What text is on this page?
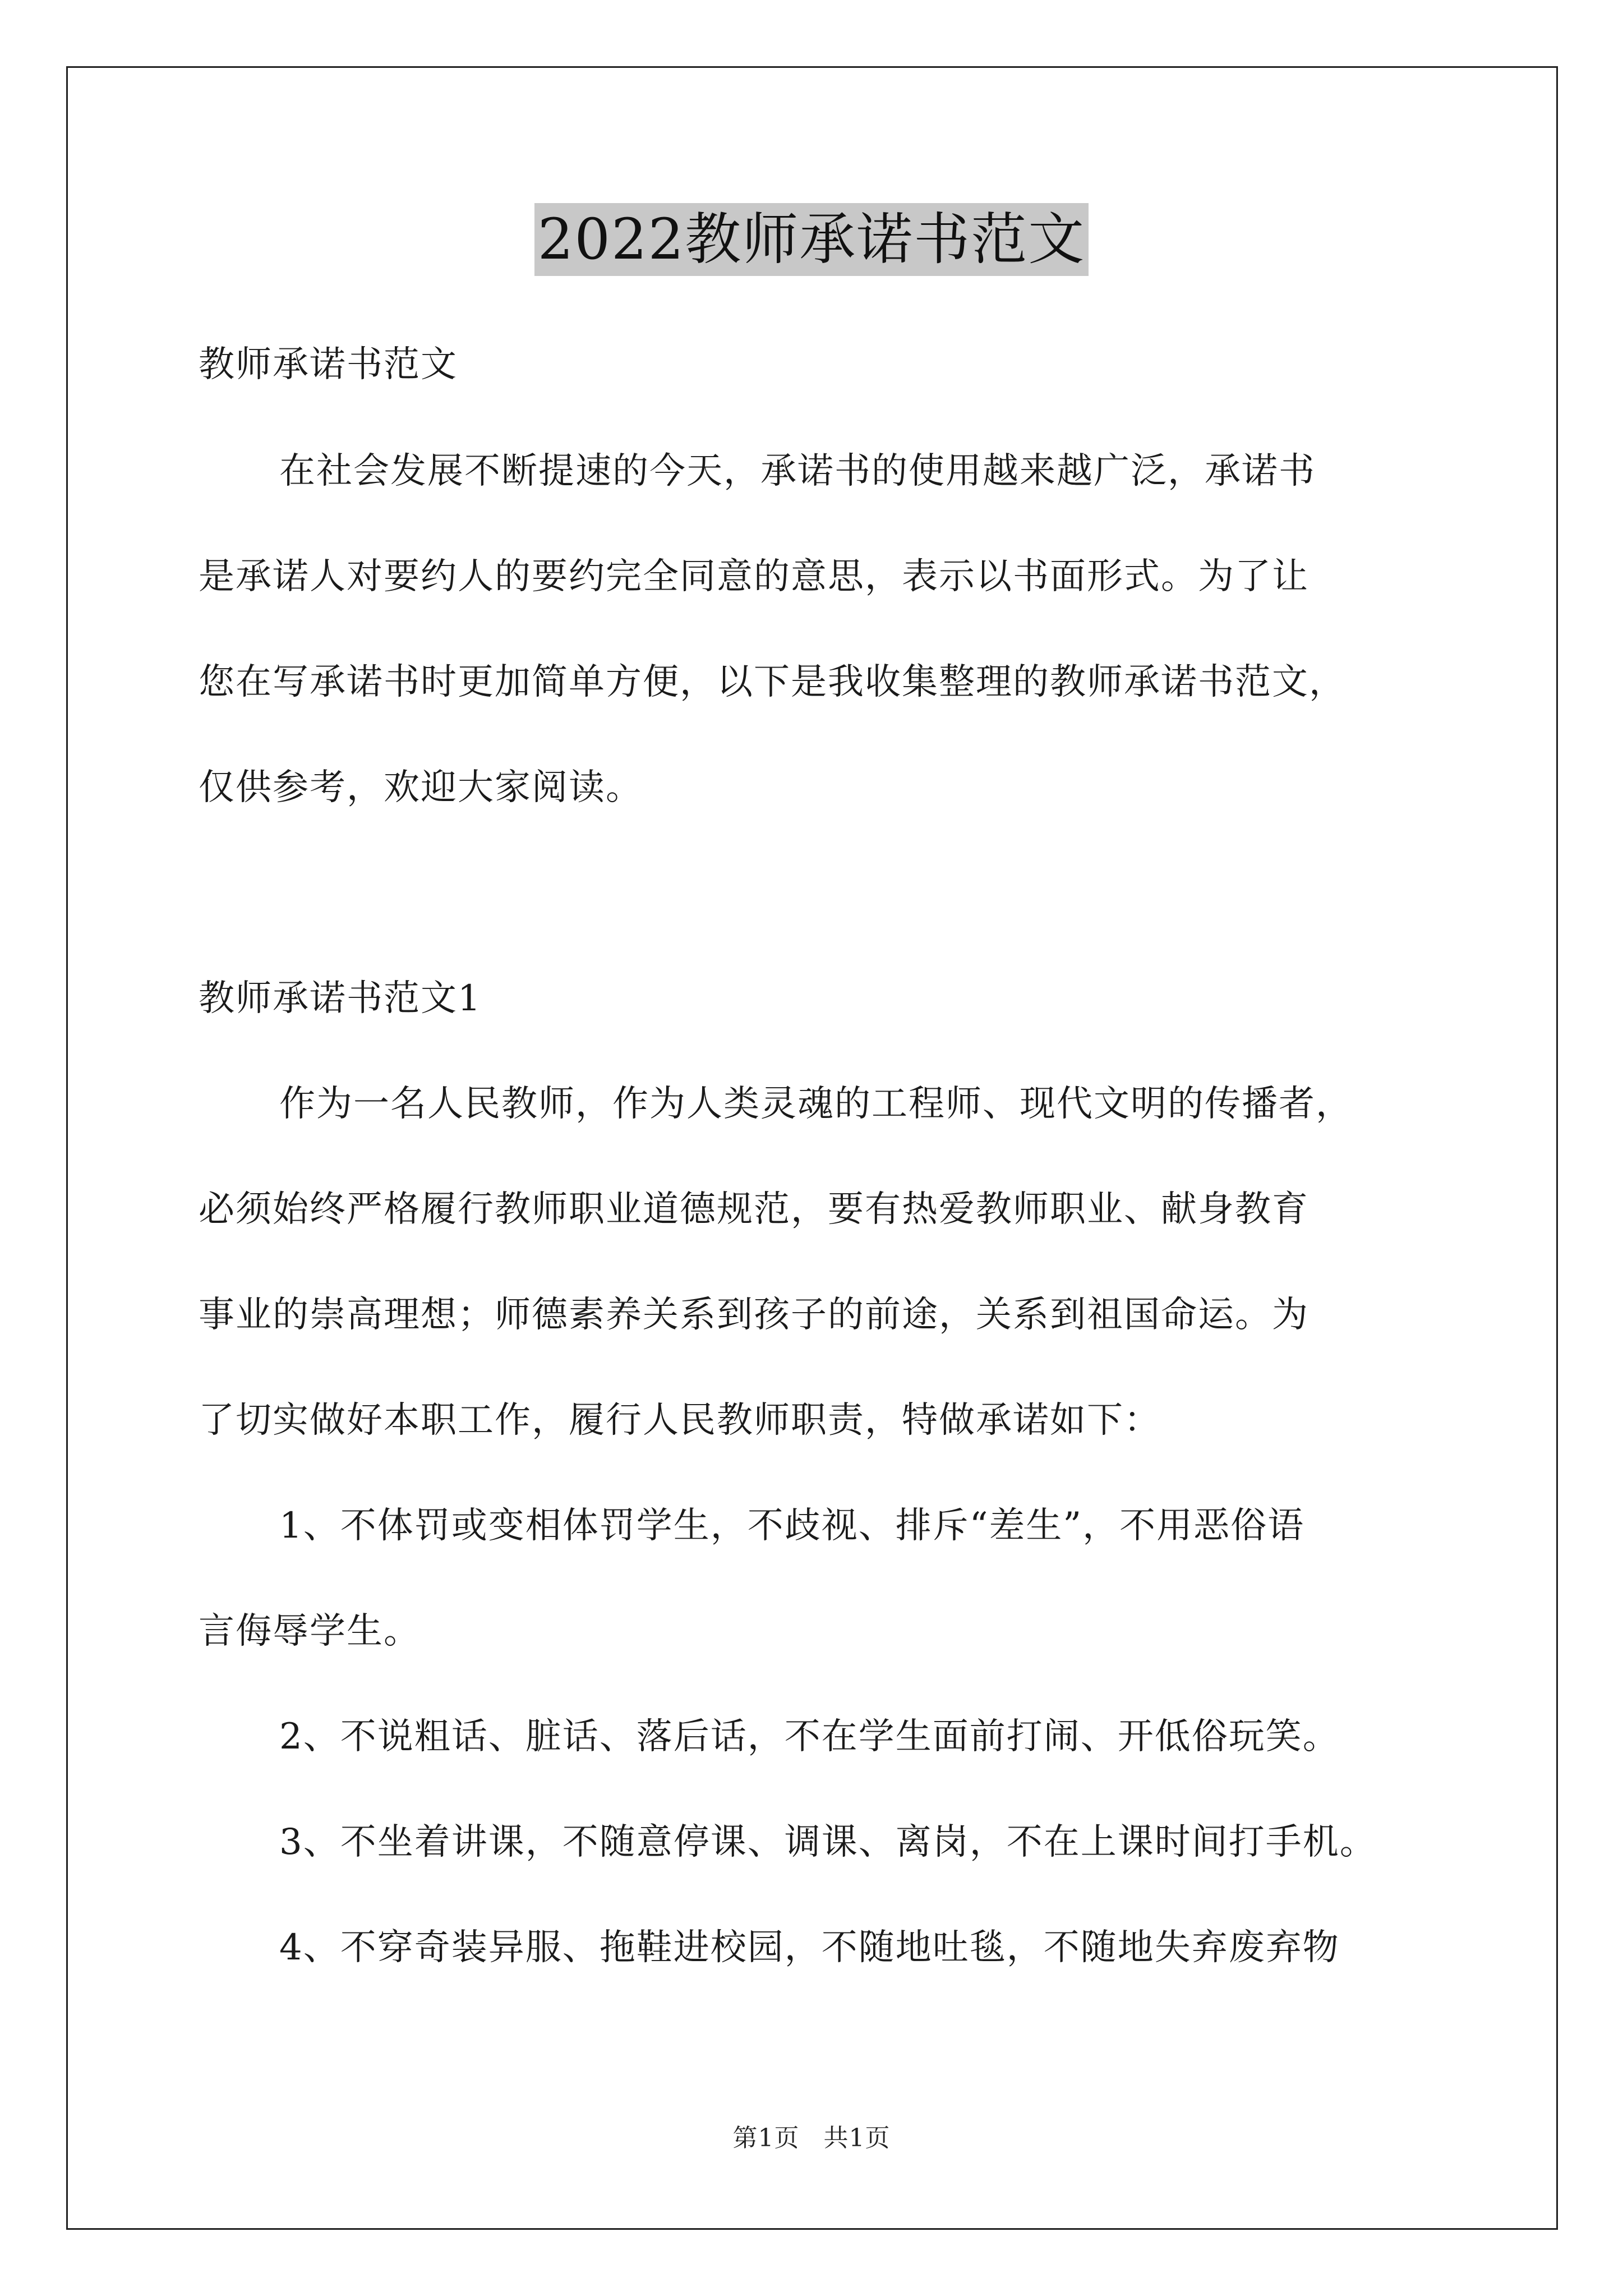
2022教师承诺书范文
教师承诺书范文
在社会发展不断提速的今天，承诺书的使用越来越广泛，承诺书
是承诺人对要约人的要约完全同意的意思，表示以书面形式。为了让
您在写承诺书时更加简单方便，以下是我收集整理的教师承诺书范文，
仅供参考，欢迎大家阅读。
教师承诺书范文1
作为一名人民教师，作为人类灵魂的工程师、现代文明的传播者，
必须始终严格履行教师职业道德规范，要有热爱教师职业、献身教育
事业的崇高理想；师德素养关系到孩子的前途，关系到祖国命运。为
了切实做好本职工作，履行人民教师职责，特做承诺如下：
1、不体罚或变相体罚学生，不歧视、排斥“差生”，不用恶俗语
言侮辱学生。
2、不说粗话、脏话、落后话，不在学生面前打闹、开低俗玩笑。
3、不坐着讲课，不随意停课、调课、离岗，不在上课时间打手机。
4、不穿奇装异服、拖鞋进校园，不随地吐毯，不随地失弃废弃物
第1页 共1页
